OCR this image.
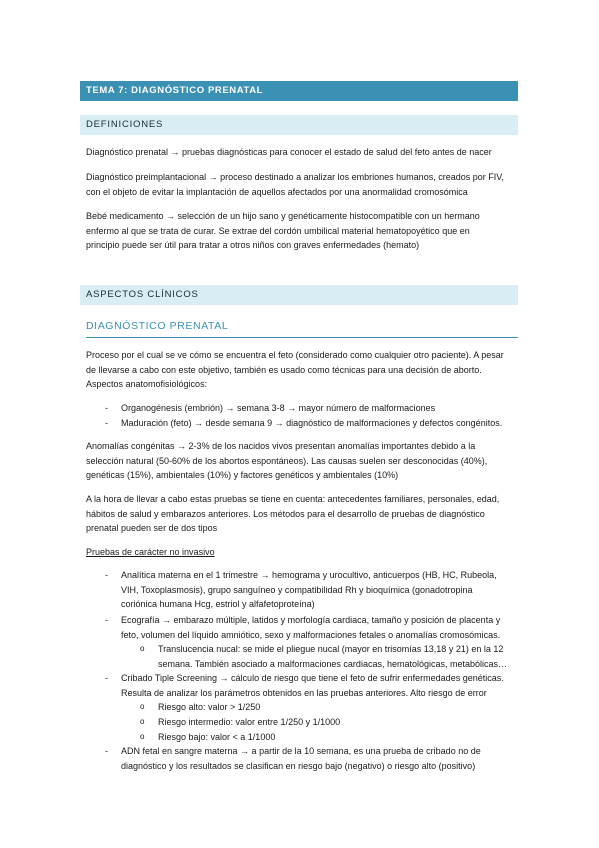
TEMA 7: DIAGNÓSTICO PRENATAL
DEFINICIONES
Diagnóstico prenatal → pruebas diagnósticas para conocer el estado de salud del feto antes de nacer
Diagnóstico preimplantacional → proceso destinado a analizar los embriones humanos, creados por FIV,
con el objeto de evitar la implantación de aquellos afectados por una anormalidad cromosómica
Bebé medicamento → selección de un hijo sano y genéticamente histocompatible con un hermano
enfermo al que se trata de curar. Se extrae del cordón umbilical material hematopoyético que en
principio puede ser útil para tratar a otros niños con graves enfermedades (hemato)
ASPECTOS CLÍNICOS
DIAGNÓSTICO PRENATAL
Proceso por el cual se ve cómo se encuentra el feto (considerado como cualquier otro paciente). A pesar
de llevarse a cabo con este objetivo, también es usado como técnicas para una decisión de aborto.
Aspectos anatomofisiológicos:
- Organogénesis (embrión) → semana 3-8 → mayor número de malformaciones
- Maduración (feto) → desde semana 9 → diagnóstico de malformaciones y defectos congénitos.
Anomalías congénitas → 2-3% de los nacidos vivos presentan anomalías importantes debido a la
selección natural (50-60% de los abortos espontáneos). Las causas suelen ser desconocidas (40%),
genéticas (15%), ambientales (10%) y factores genéticos y ambientales (10%)
A la hora de llevar a cabo estas pruebas se tiene en cuenta: antecedentes familiares, personales, edad,
hábitos de salud y embarazos anteriores. Los métodos para el desarrollo de pruebas de diagnóstico
prenatal pueden ser de dos tipos
Pruebas de carácter no invasivo
- Analítica materna en el 1 trimestre → hemograma y urocultivo, anticuerpos (HB, HC, Rubeola,
VIH, Toxoplasmosis), grupo sanguíneo y compatibilidad Rh y bioquímica (gonadotropina
coriónica humana Hcg, estriol y alfafetoproteína)
- Ecografía → embarazo múltiple, latidos y morfología cardiaca, tamaño y posición de placenta y
feto, volumen del líquido amniótico, sexo y malformaciones fetales o anomalías cromosómicas.
o Translucencia nucal: se mide el pliegue nucal (mayor en trisomías 13,18 y 21) en la 12
semana. También asociado a malformaciones cardiacas, hematológicas, metabólicas…
- Cribado Tiple Screening → cálculo de riesgo que tiene el feto de sufrir enfermedades genéticas.
Resulta de analizar los parámetros obtenidos en las pruebas anteriores. Alto riesgo de error
o Riesgo alto: valor > 1/250
o Riesgo intermedio: valor entre 1/250 y 1/1000
o Riesgo bajo: valor < a 1/1000
- ADN fetal en sangre materna → a partir de la 10 semana, es una prueba de cribado no de
diagnóstico y los resultados se clasifican en riesgo bajo (negativo) o riesgo alto (positivo)
